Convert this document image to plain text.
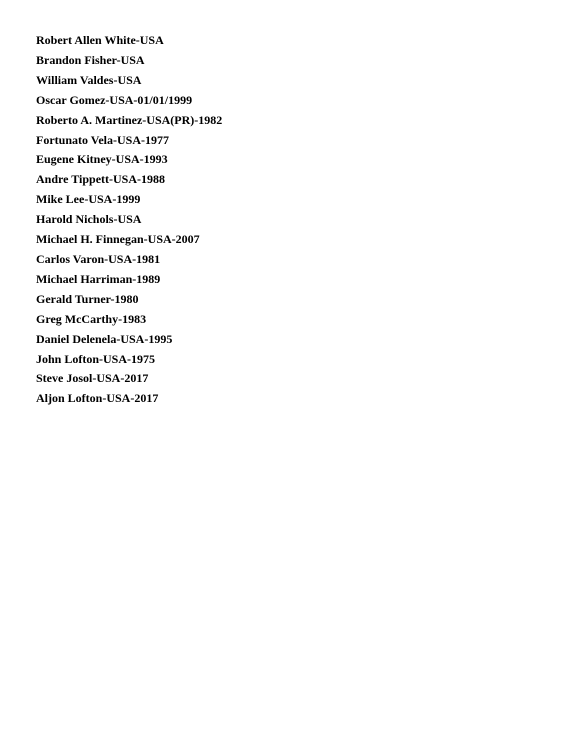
Robert Allen White-USA
Brandon Fisher-USA
William Valdes-USA
Oscar Gomez-USA-01/01/1999
Roberto A. Martinez-USA(PR)-1982
Fortunato Vela-USA-1977
Eugene Kitney-USA-1993
Andre Tippett-USA-1988
Mike Lee-USA-1999
Harold Nichols-USA
Michael H. Finnegan-USA-2007
Carlos Varon-USA-1981
Michael Harriman-1989
Gerald Turner-1980
Greg McCarthy-1983
Daniel Delenela-USA-1995
John Lofton-USA-1975
Steve Josol-USA-2017
Aljon Lofton-USA-2017
